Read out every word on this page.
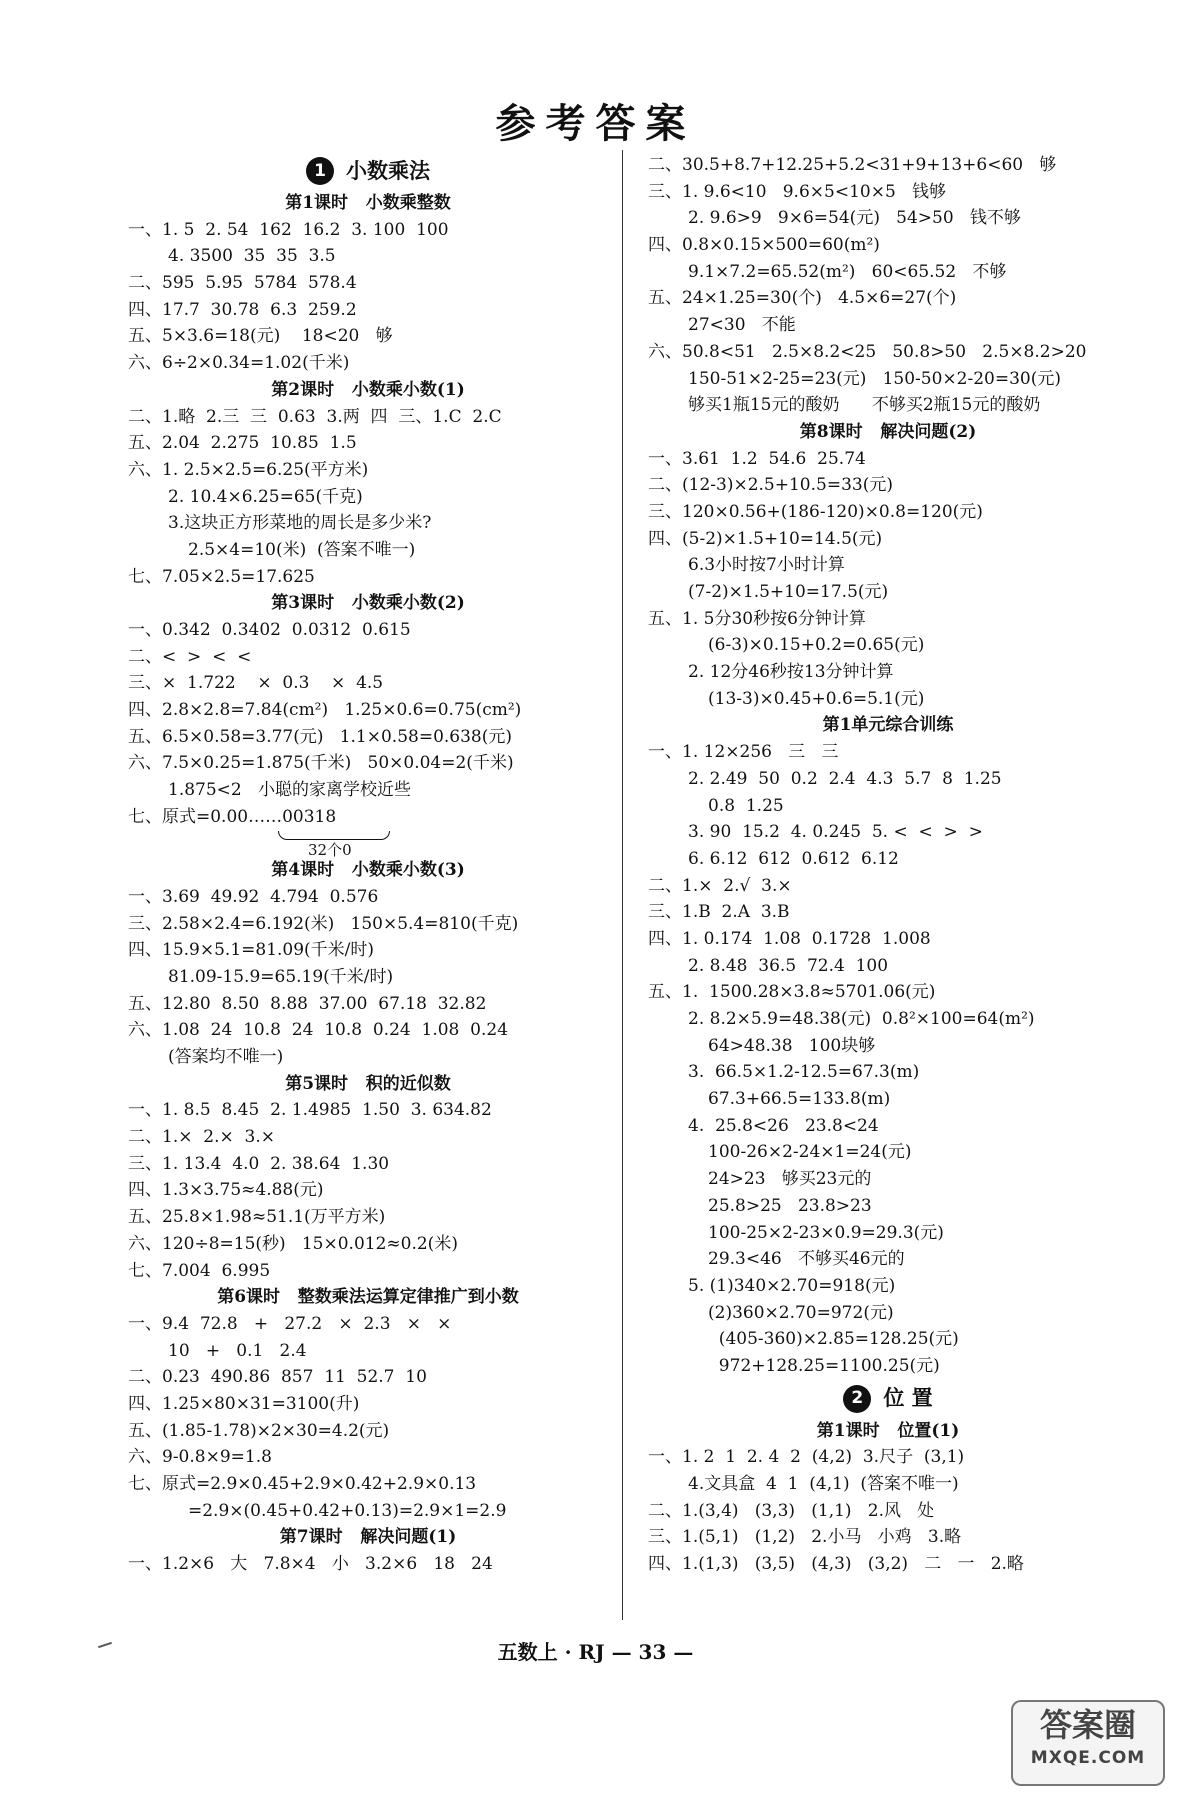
参考答案
1 小数乘法
第1课时   小数乘整数
一、1. 5  2. 54  162  16.2  3. 100  100
4. 3500  35  35  3.5
二、595  5.95  5784  578.4
四、17.7  30.78  6.3  259.2
五、5×3.6=18(元)    18<20   够
六、6÷2×0.34=1.02(千米)
第2课时   小数乘小数(1)
二、1.略  2.三  三  0.63  3.两  四  三、1.C  2.C
五、2.04  2.275  10.85  1.5
六、1. 2.5×2.5=6.25(平方米)
2. 10.4×6.25=65(千克)
3.这块正方形菜地的周长是多少米?
2.5×4=10(米)  (答案不唯一)
七、7.05×2.5=17.625
第3课时   小数乘小数(2)
一、0.342  0.3402  0.0312  0.615
二、<  >  <  <
三、×  1.722    ×  0.3    ×  4.5
四、2.8×2.8=7.84(cm²)   1.25×0.6=0.75(cm²)
五、6.5×0.58=3.77(元)   1.1×0.58=0.638(元)
六、7.5×0.25=1.875(千米)   50×0.04=2(千米)
1.875<2   小聪的家离学校近些
七、原式=0.00……00318
32个0
第4课时   小数乘小数(3)
一、3.69  49.92  4.794  0.576
三、2.58×2.4=6.192(米)   150×5.4=810(千克)
四、15.9×5.1=81.09(千米/时)
81.09-15.9=65.19(千米/时)
五、12.80  8.50  8.88  37.00  67.18  32.82
六、1.08  24  10.8  24  10.8  0.24  1.08  0.24
(答案均不唯一)
第5课时   积的近似数
一、1. 8.5  8.45  2. 1.4985  1.50  3. 634.82
二、1.×  2.×  3.×
三、1. 13.4  4.0  2. 38.64  1.30
四、1.3×3.75≈4.88(元)
五、25.8×1.98≈51.1(万平方米)
六、120÷8=15(秒)   15×0.012≈0.2(米)
七、7.004  6.995
第6课时   整数乘法运算定律推广到小数
一、9.4  72.8   +   27.2   ×  2.3   ×   ×
10   +   0.1   2.4
二、0.23  490.86  857  11  52.7  10
四、1.25×80×31=3100(升)
五、(1.85-1.78)×2×30=4.2(元)
六、9-0.8×9=1.8
七、原式=2.9×0.45+2.9×0.42+2.9×0.13
=2.9×(0.45+0.42+0.13)=2.9×1=2.9
第7课时   解决问题(1)
一、1.2×6   大   7.8×4   小   3.2×6   18   24
二、30.5+8.7+12.25+5.2<31+9+13+6<60   够
三、1. 9.6<10   9.6×5<10×5   钱够
2. 9.6>9   9×6=54(元)   54>50   钱不够
四、0.8×0.15×500=60(m²)
9.1×7.2=65.52(m²)   60<65.52   不够
五、24×1.25=30(个)   4.5×6=27(个)
27<30   不能
六、50.8<51   2.5×8.2<25   50.8>50   2.5×8.2>20
150-51×2-25=23(元)   150-50×2-20=30(元)
够买1瓶15元的酸奶      不够买2瓶15元的酸奶
第8课时   解决问题(2)
一、3.61  1.2  54.6  25.74
二、(12-3)×2.5+10.5=33(元)
三、120×0.56+(186-120)×0.8=120(元)
四、(5-2)×1.5+10=14.5(元)
6.3小时按7小时计算
(7-2)×1.5+10=17.5(元)
五、1. 5分30秒按6分钟计算
(6-3)×0.15+0.2=0.65(元)
2. 12分46秒按13分钟计算
(13-3)×0.45+0.6=5.1(元)
第1单元综合训练
一、1. 12×256   三   三
2. 2.49  50  0.2  2.4  4.3  5.7  8  1.25
0.8  1.25
3. 90  15.2  4. 0.245  5. <  <  >  >
6. 6.12  612  0.612  6.12
二、1.×  2.√  3.×
三、1.B  2.A  3.B
四、1. 0.174  1.08  0.1728  1.008
2. 8.48  36.5  72.4  100
五、1.  1500.28×3.8≈5701.06(元)
2. 8.2×5.9=48.38(元)  0.8²×100=64(m²)
64>48.38   100块够
3.  66.5×1.2-12.5=67.3(m)
67.3+66.5=133.8(m)
4.  25.8<26   23.8<24
100-26×2-24×1=24(元)
24>23   够买23元的
25.8>25   23.8>23
100-25×2-23×0.9=29.3(元)
29.3<46   不够买46元的
5. (1)340×2.70=918(元)
(2)360×2.70=972(元)
(405-360)×2.85=128.25(元)
972+128.25=1100.25(元)
2 位 置
第1课时   位置(1)
一、1. 2  1  2. 4  2  (4,2)  3.尺子  (3,1)
4.文具盒  4  1  (4,1)  (答案不唯一)
二、1.(3,4)   (3,3)   (1,1)   2.风   处
三、1.(5,1)   (1,2)   2.小马   小鸡   3.略
四、1.(1,3)   (3,5)   (4,3)   (3,2)   二   一   2.略
五数上 · RJ — 33 —
答案圈
MXQE.COM
